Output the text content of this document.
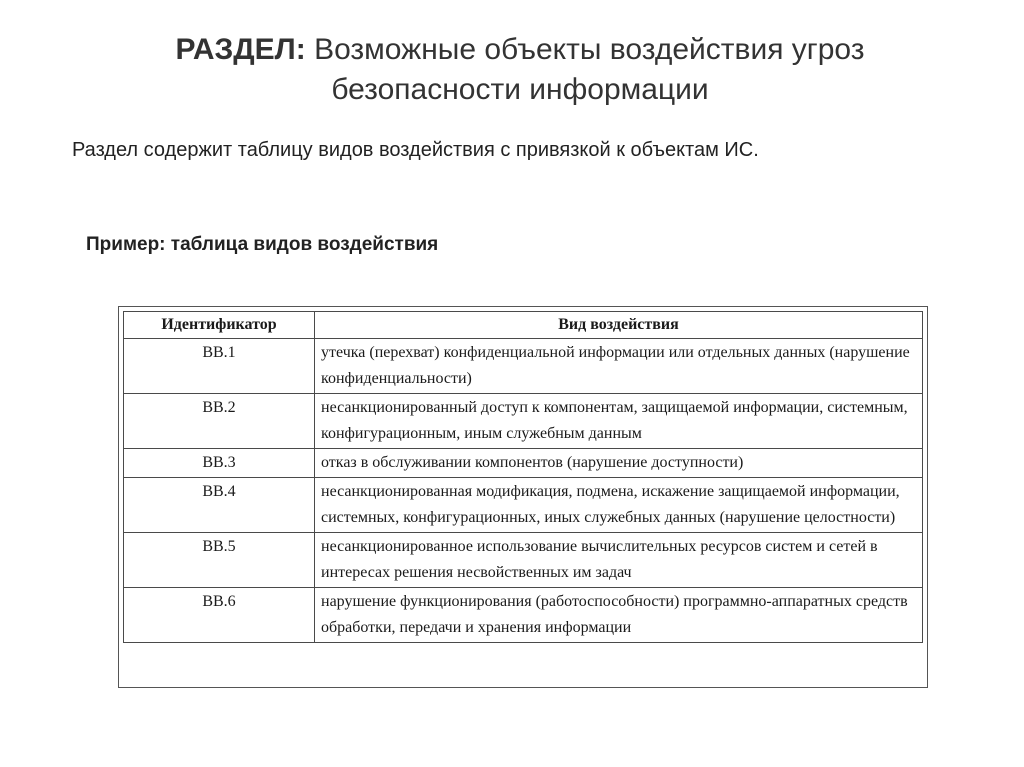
РАЗДЕЛ: Возможные объекты воздействия угроз безопасности информации
Раздел содержит таблицу видов воздействия с привязкой к объектам ИС.
Пример: таблица видов воздействия
Идентификатор	Вид воздействия
ВВ.1	утечка (перехват) конфиденциальной информации или отдельных данных (нарушение конфиденциальности)
ВВ.2	несанкционированный доступ к компонентам, защищаемой информации, системным, конфигурационным, иным служебным данным
ВВ.3	отказ в обслуживании компонентов (нарушение доступности)
ВВ.4	несанкционированная модификация, подмена, искажение защищаемой информации, системных, конфигурационных, иных служебных данных (нарушение целостности)
ВВ.5	несанкционированное использование вычислительных ресурсов систем и сетей в интересах решения несвойственных им задач
ВВ.6	нарушение функционирования (работоспособности) программно-аппаратных средств обработки, передачи и хранения информации
